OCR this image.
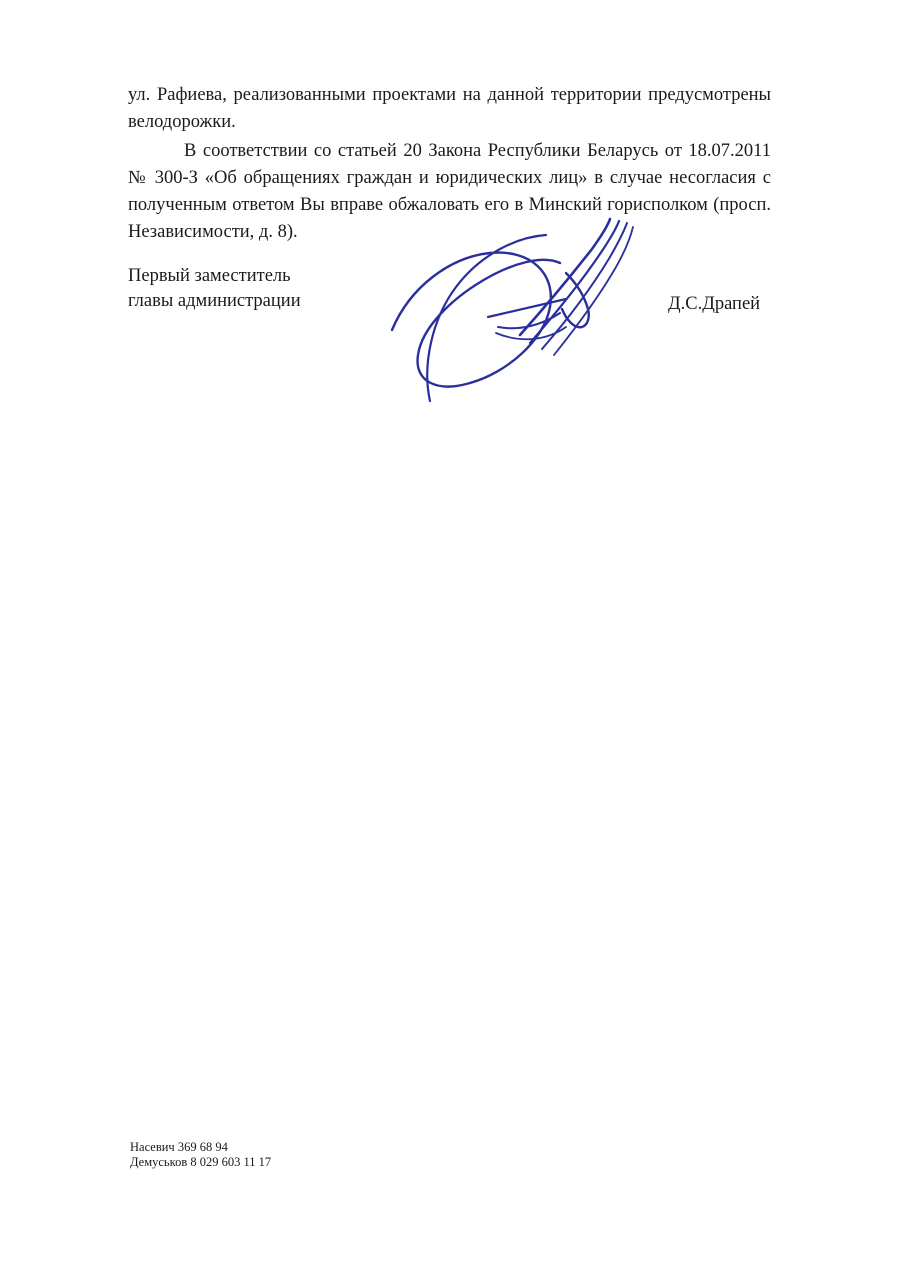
ул. Рафиева, реализованными проектами на данной территории предусмотрены велодорожки.

В соответствии со статьей 20 Закона Республики Беларусь от 18.07.2011 № 300-З «Об обращениях граждан и юридических лиц» в случае несогласия с полученным ответом Вы вправе обжаловать его в Минский горисполком (просп. Независимости, д. 8).

Первый заместитель
главы администрации	Д.С.Драпей
Насевич 369 68 94
Демуськов 8 029 603 11 17
